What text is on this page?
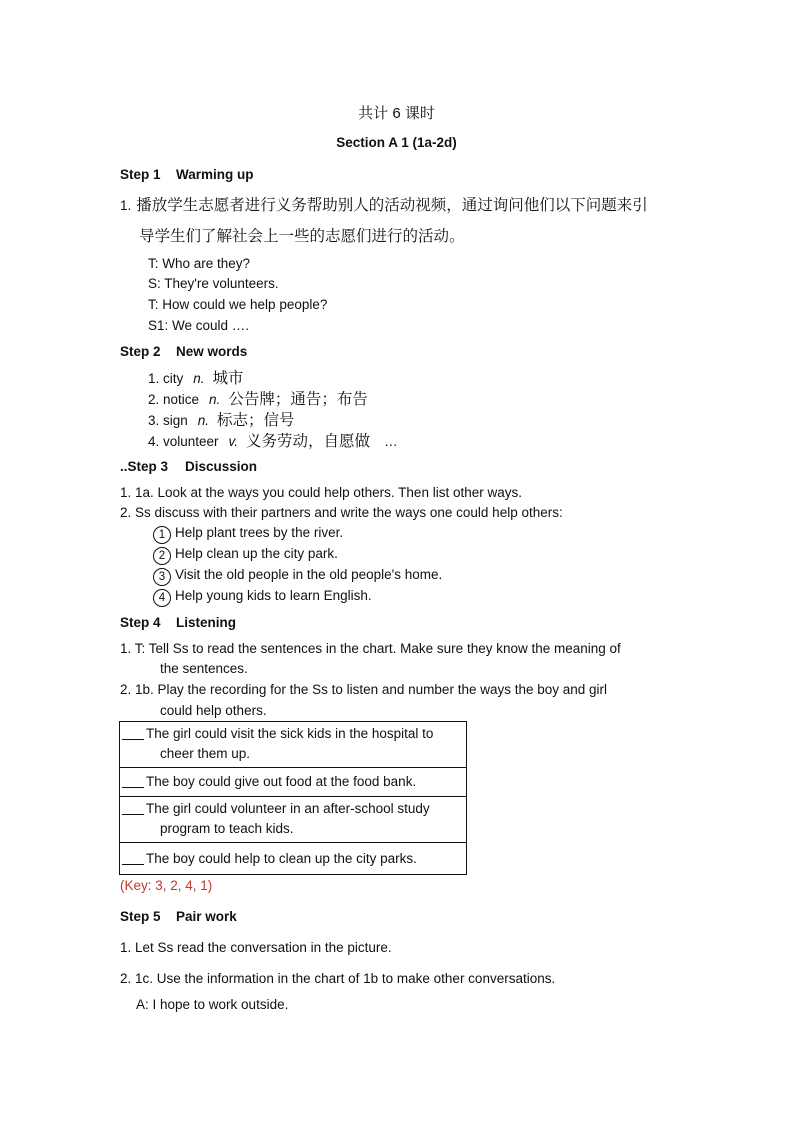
共计 6 课时
Section A 1 (1a-2d)
Step 1 Warming up
1. 播放学生志愿者进行义务帮助别人的活动视频，通过询问他们以下问题来引
导学生们了解社会上一些的志愿们进行的活动。
T: Who are they?
S: They're volunteers.
T: How could we help people?
S1: We could ….
Step 2 New words
1. city n. 城市
2. notice n. 公告牌；通告；布告
3. sign n. 标志；信号
4. volunteer v. 义务劳动，自愿做 …
..Step 3 Discussion
1. 1a. Look at the ways you could help others. Then list other ways.
2. Ss discuss with their partners and write the ways one could help others:
1 Help plant trees by the river.
2 Help clean up the city park.
3 Visit the old people in the old people's home.
4 Help young kids to learn English.
Step 4 Listening
1. T: Tell Ss to read the sentences in the chart. Make sure they know the meaning of
the sentences.
2. 1b. Play the recording for the Ss to listen and number the ways the boy and girl
could help others.
The girl could visit the sick kids in the hospital to
cheer them up.

The boy could give out food at the food bank.
The girl could volunteer in an after-school study
program to teach kids.

The boy could help to clean up the city parks.
(Key: 3, 2, 4, 1)
Step 5 Pair work
1. Let Ss read the conversation in the picture.
2. 1c. Use the information in the chart of 1b to make other conversations.
A: I hope to work outside.
